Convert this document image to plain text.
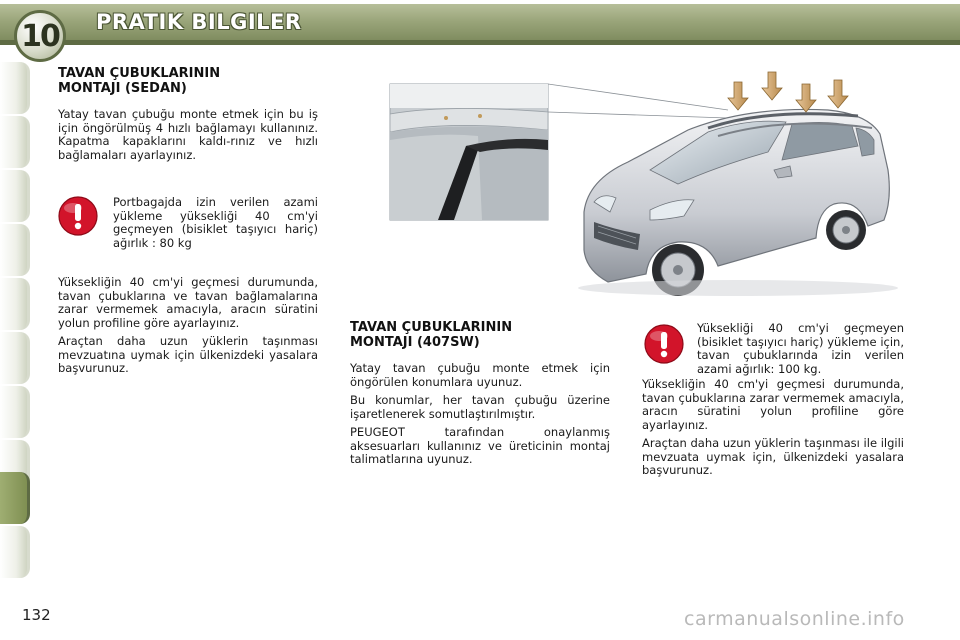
10	PRATIK BILGILER

TAVAN ÇUBUKLARININ

MONTAJI (SEDAN)

Yatay tavan çubuğu monte etmek için bu iş için öngörülmüş 4 hızlı bağlamayı kullanınız. Kapatma kapaklarını kaldı-rınız ve hızlı bağlamaları ayarlayınız.

Portbagajda izin verilen azami yükleme yüksekliği 40 cm'yi geçmeyen (bisiklet taşıyıcı hariç) ağırlık : 80 kg

Yüksekliğin 40 cm'yi geçmesi durumunda, tavan çubuklarına ve tavan bağlamalarına zarar vermemek amacıyla, aracın süratini yolun profiline göre ayarlayınız.

Araçtan daha uzun yüklerin taşınması mevzuatına uymak için ülkenizdeki yasalara başvurunuz.

TAVAN ÇUBUKLARININ

MONTAJI (407SW)

Yatay tavan çubuğu monte etmek için öngörülen konumlara uyunuz.

Bu konumlar, her tavan çubuğu üzerine işaretlenerek somutlaştırılmıştır.

PEUGEOT tarafından onaylanmış aksesuarları kullanınız ve üreticinin montaj talimatlarına uyunuz.

Yüksekliği 40 cm'yi geçmeyen (bisiklet taşıyıcı hariç) yükleme için, tavan çubuklarında izin verilen azami ağırlık: 100 kg.

Yüksekliğin 40 cm'yi geçmesi durumunda, tavan çubuklarına zarar vermemek amacıyla, aracın süratini yolun profiline göre ayarlayınız.

Araçtan daha uzun yüklerin taşınması ile ilgili mevzuata uymak için, ülkenizdeki yasalara başvurunuz.

132	carmanualsonline.info
